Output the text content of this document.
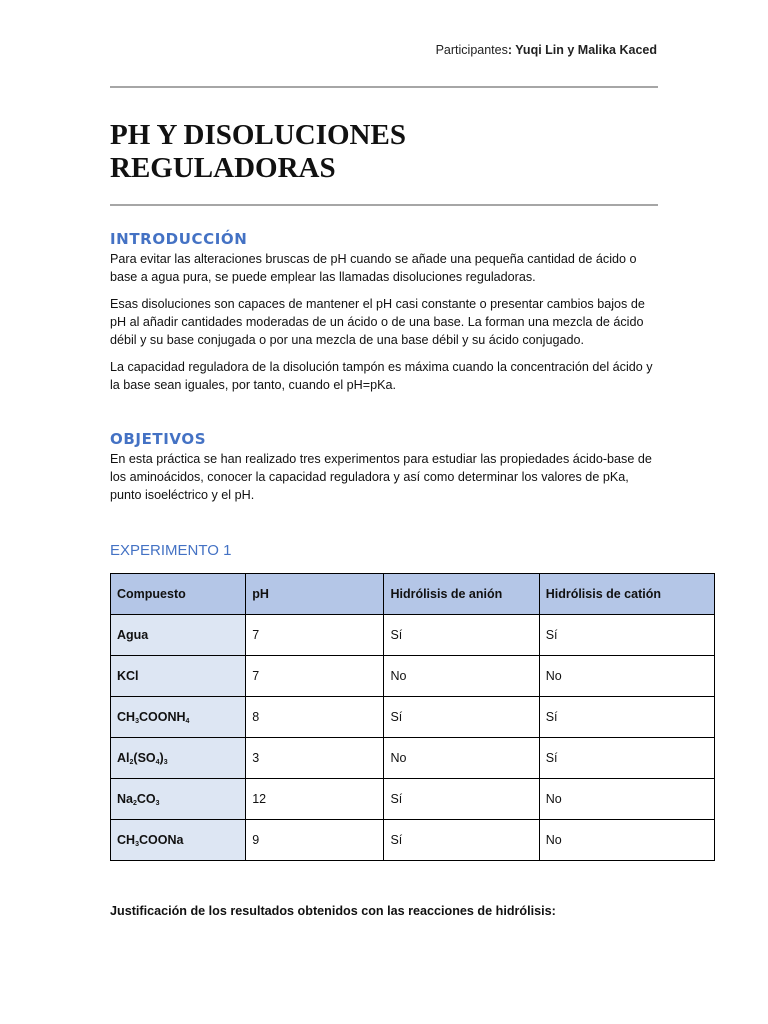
Participantes: Yuqi Lin y Malika Kaced
PH Y DISOLUCIONES
REGULADORAS
INTRODUCCIÓN

Para evitar las alteraciones bruscas de pH cuando se añade una pequeña cantidad de ácido o base a agua pura, se puede emplear las llamadas disoluciones reguladoras.

Esas disoluciones son capaces de mantener el pH casi constante o presentar cambios bajos de pH al añadir cantidades moderadas de un ácido o de una base. La forman una mezcla de ácido débil y su base conjugada o por una mezcla de una base débil y su ácido conjugado.

La capacidad reguladora de la disolución tampón es máxima cuando la concentración del ácido y la base sean iguales, por tanto, cuando el pH=pKa.

OBJETIVOS

En esta práctica se han realizado tres experimentos para estudiar las propiedades ácido-base de los aminoácidos, conocer la capacidad reguladora y así como determinar los valores de pKa, punto isoeléctrico y el pH.

EXPERIMENTO 1
Compuesto	pH	Hidrólisis de anión	Hidrólisis de catión
Agua	7	Sí	Sí
KCl	7	No	No
$CH_3COONH_4$	8	Sí	Sí
$Al_2(SO_4)_3$	3	No	Sí
$Na_2CO_3$	12	Sí	No
$CH_3COONa$	9	Sí	No

Justificación de los resultados obtenidos con las reacciones de hidrólisis:
